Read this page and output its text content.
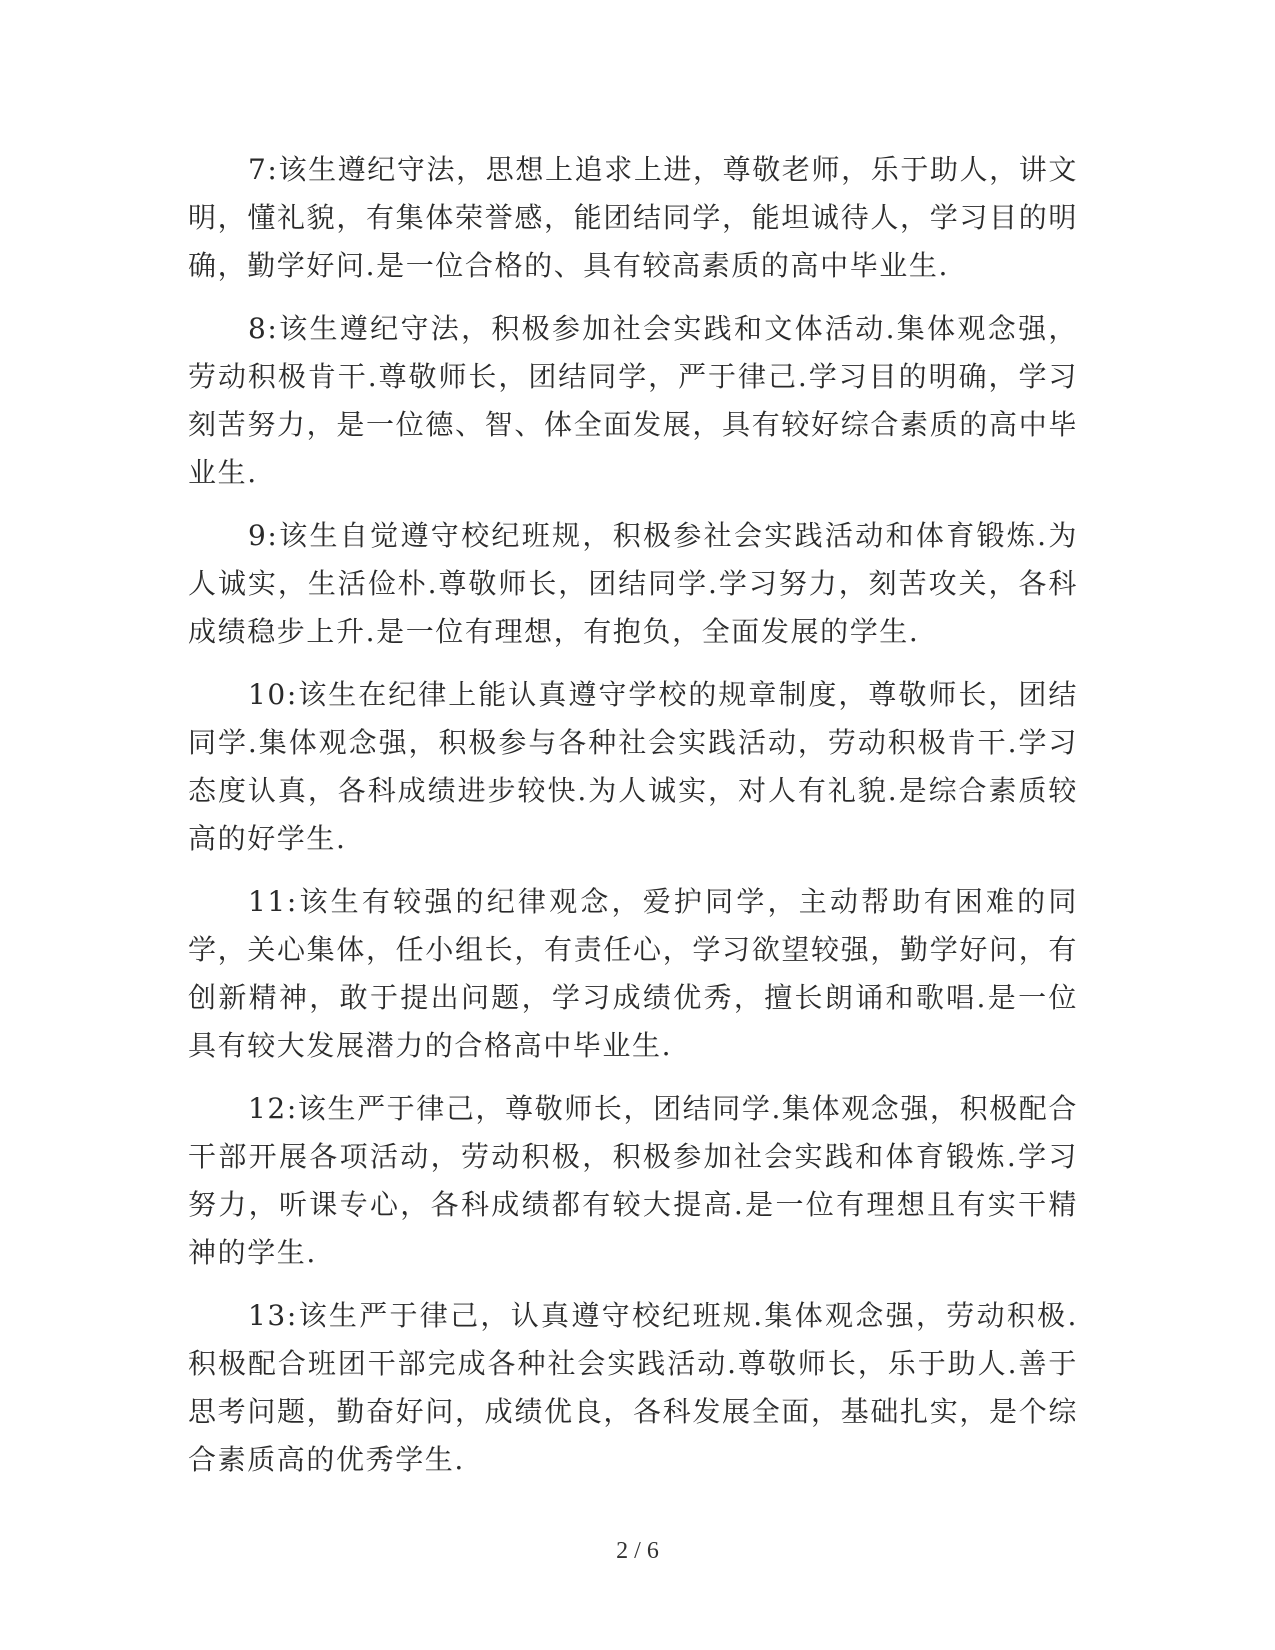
7:该生遵纪守法，思想上追求上进，尊敬老师，乐于助人，讲文明，懂礼貌，有集体荣誉感，能团结同学，能坦诚待人，学习目的明确，勤学好问.是一位合格的、具有较高素质的高中毕业生.

8:该生遵纪守法，积极参加社会实践和文体活动.集体观念强，劳动积极肯干.尊敬师长，团结同学，严于律己.学习目的明确，学习刻苦努力，是一位德、智、体全面发展，具有较好综合素质的高中毕业生.

9:该生自觉遵守校纪班规，积极参社会实践活动和体育锻炼.为人诚实，生活俭朴.尊敬师长，团结同学.学习努力，刻苦攻关，各科成绩稳步上升.是一位有理想，有抱负，全面发展的学生.

10:该生在纪律上能认真遵守学校的规章制度，尊敬师长，团结同学.集体观念强，积极参与各种社会实践活动，劳动积极肯干.学习态度认真，各科成绩进步较快.为人诚实，对人有礼貌.是综合素质较高的好学生.

11:该生有较强的纪律观念，爱护同学，主动帮助有困难的同学，关心集体，任小组长，有责任心，学习欲望较强，勤学好问，有创新精神，敢于提出问题，学习成绩优秀，擅长朗诵和歌唱.是一位具有较大发展潜力的合格高中毕业生.

12:该生严于律己，尊敬师长，团结同学.集体观念强，积极配合干部开展各项活动，劳动积极，积极参加社会实践和体育锻炼.学习努力，听课专心，各科成绩都有较大提高.是一位有理想且有实干精神的学生.

13:该生严于律己，认真遵守校纪班规.集体观念强，劳动积极.积极配合班团干部完成各种社会实践活动.尊敬师长，乐于助人.善于思考问题，勤奋好问，成绩优良，各科发展全面，基础扎实，是个综合素质高的优秀学生.

2 / 6
